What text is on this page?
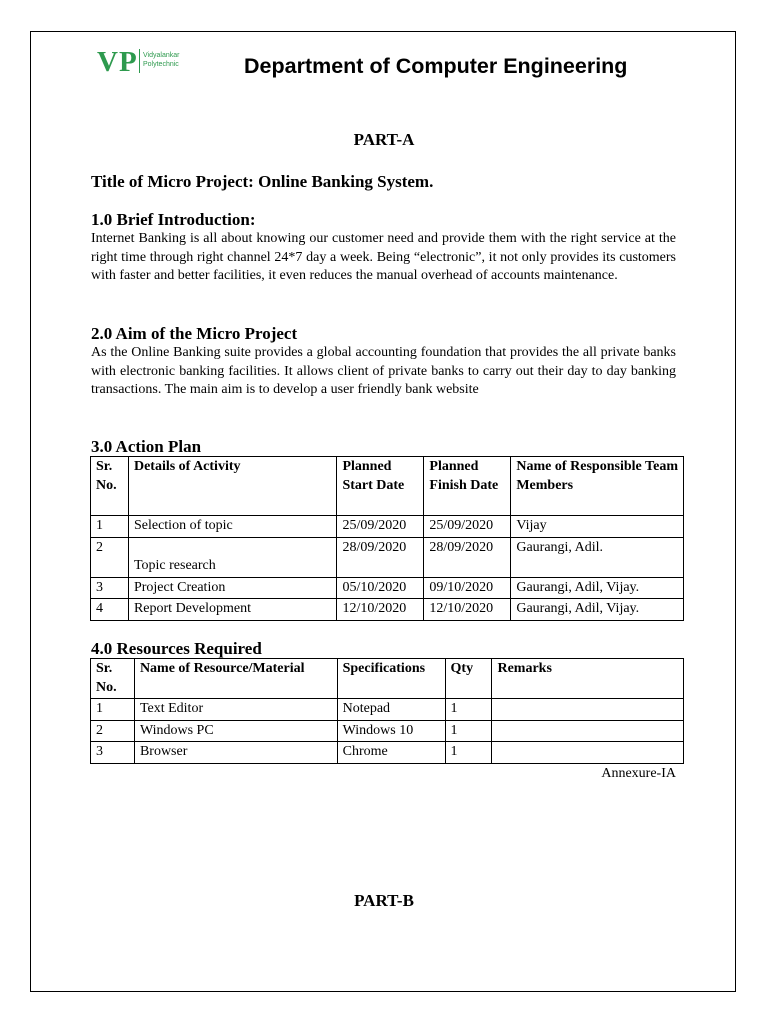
VP Vidyalankar
Polytechnic	Department of Computer Engineering
PART-A
Title of Micro Project: Online Banking System.
1.0 Brief Introduction:
Internet Banking is all about knowing our customer need and provide them with the right service at the right time through right channel 24*7 day a week. Being “electronic”, it not only provides its customers with faster and better facilities, it even reduces the manual overhead of accounts maintenance.
2.0 Aim of the Micro Project
As the Online Banking suite provides a global accounting foundation that provides the all private banks with electronic banking facilities. It allows client of private banks to carry out their day to day banking transactions. The main aim is to develop a user friendly bank website
3.0 Action Plan
Sr. No.	Details of Activity	Planned Start Date	Planned Finish Date	Name of Responsible Team Members
1	Selection of topic	25/09/2020	25/09/2020	Vijay
2	Topic research	28/09/2020	28/09/2020	Gaurangi, Adil.
3	Project Creation	05/10/2020	09/10/2020	Gaurangi, Adil, Vijay.
4	Report Development	12/10/2020	12/10/2020	Gaurangi, Adil, Vijay.
4.0 Resources Required
Sr. No.	Name of Resource/Material	Specifications	Qty	Remarks
1	Text Editor	Notepad	1	
2	Windows PC	Windows 10	1	
3	Browser	Chrome	1	
Annexure-IA
PART-B
